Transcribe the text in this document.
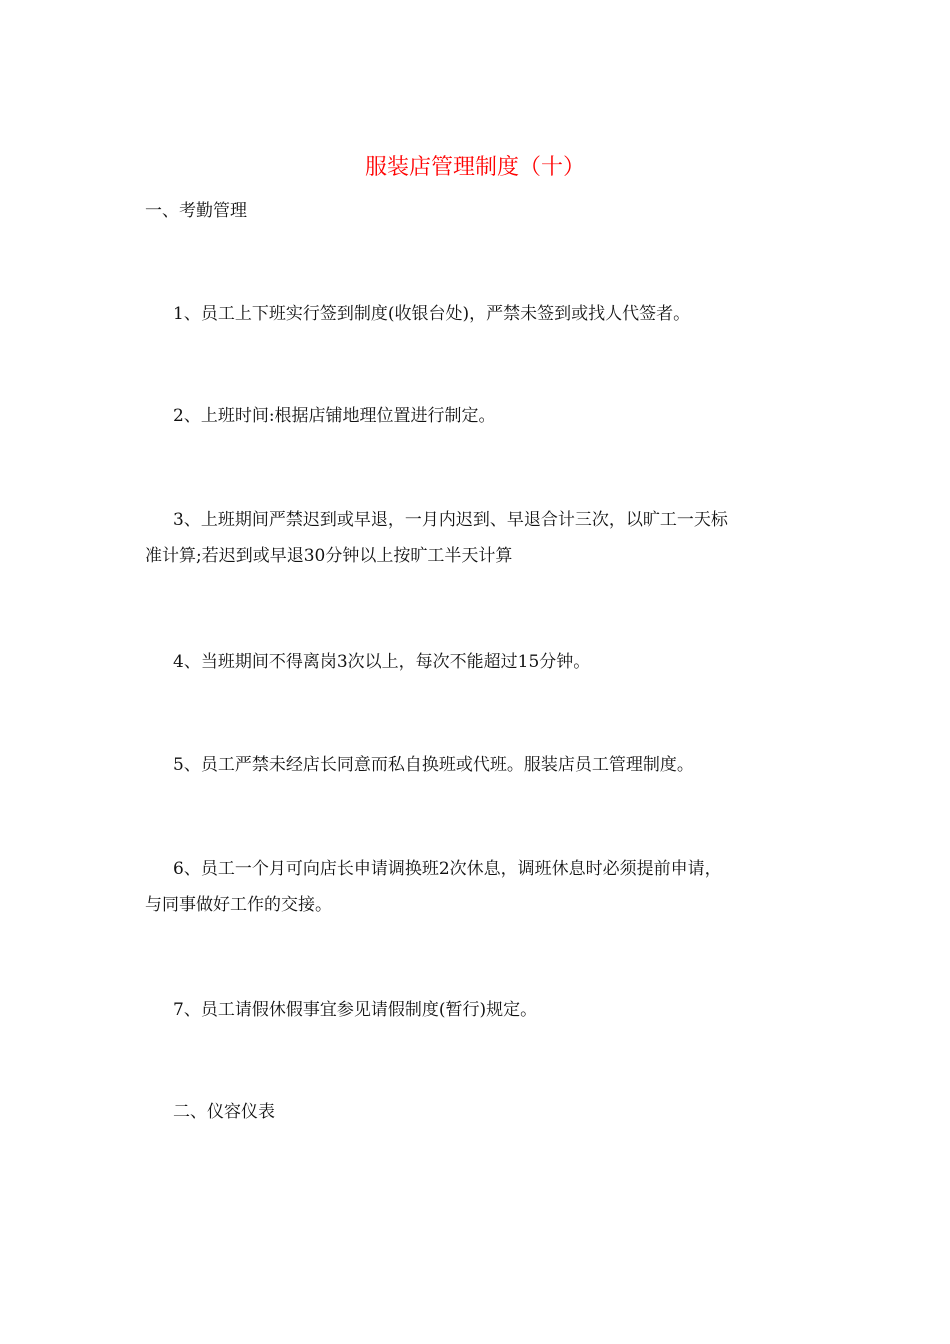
服装店管理制度（十）

一、考勤管理

1、员工上下班实行签到制度(收银台处)，严禁未签到或找人代签者。

2、上班时间:根据店铺地理位置进行制定。

3、上班期间严禁迟到或早退，一月内迟到、早退合计三次，以旷工一天标

准计算;若迟到或早退30分钟以上按旷工半天计算

4、当班期间不得离岗3次以上，每次不能超过15分钟。

5、员工严禁未经店长同意而私自换班或代班。服装店员工管理制度。

6、员工一个月可向店长申请调换班2次休息，调班休息时必须提前申请，

与同事做好工作的交接。

7、员工请假休假事宜参见请假制度(暂行)规定。

二、仪容仪表
